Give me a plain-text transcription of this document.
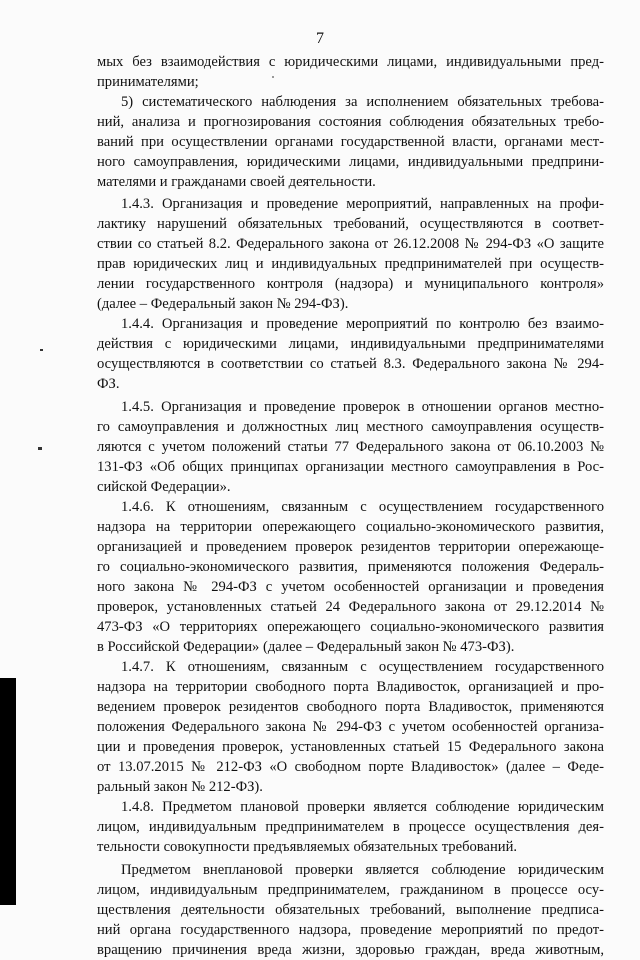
7
мых без взаимодействия с юридическими лицами, индивидуальными пред-
принимателями;
5) систематического наблюдения за исполнением обязательных требова-
ний, анализа и прогнозирования состояния соблюдения обязательных требо-
ваний при осуществлении органами государственной власти, органами мест-
ного самоуправления, юридическими лицами, индивидуальными предприни-
мателями и гражданами своей деятельности.
1.4.3. Организация и проведение мероприятий, направленных на профи-
лактику нарушений обязательных требований, осуществляются в соответ-
ствии со статьей 8.2. Федерального закона от 26.12.2008 № 294-ФЗ «О защите
прав юридических лиц и индивидуальных предпринимателей при осуществ-
лении государственного контроля (надзора) и муниципального контроля»
(далее – Федеральный закон № 294-ФЗ).
1.4.4. Организация и проведение мероприятий по контролю без взаимо-
действия с юридическими лицами, индивидуальными предпринимателями
осуществляются в соответствии со статьей 8.3. Федерального закона № 294-
ФЗ.
1.4.5. Организация и проведение проверок в отношении органов местно-
го самоуправления и должностных лиц местного самоуправления осуществ-
ляются с учетом положений статьи 77 Федерального закона от 06.10.2003 №
131-ФЗ «Об общих принципах организации местного самоуправления в Рос-
сийской Федерации».
1.4.6. К отношениям, связанным с осуществлением государственного
надзора на территории опережающего социально-экономического развития,
организацией и проведением проверок резидентов территории опережающе-
го социально-экономического развития, применяются положения Федераль-
ного закона № 294-ФЗ с учетом особенностей организации и проведения
проверок, установленных статьей 24 Федерального закона от 29.12.2014 №
473-ФЗ «О территориях опережающего социально-экономического развития
в Российской Федерации» (далее – Федеральный закон № 473-ФЗ).
1.4.7. К отношениям, связанным с осуществлением государственного
надзора на территории свободного порта Владивосток, организацией и про-
ведением проверок резидентов свободного порта Владивосток, применяются
положения Федерального закона № 294-ФЗ с учетом особенностей организа-
ции и проведения проверок, установленных статьей 15 Федерального закона
от 13.07.2015 № 212-ФЗ «О свободном порте Владивосток» (далее – Феде-
ральный закон № 212-ФЗ).
1.4.8. Предметом плановой проверки является соблюдение юридическим
лицом, индивидуальным предпринимателем в процессе осуществления дея-
тельности совокупности предъявляемых обязательных требований.
Предметом внеплановой проверки является соблюдение юридическим
лицом, индивидуальным предпринимателем, гражданином в процессе осу-
ществления деятельности обязательных требований, выполнение предписа-
ний органа государственного надзора, проведение мероприятий по предот-
вращению причинения вреда жизни, здоровью граждан, вреда животным,
